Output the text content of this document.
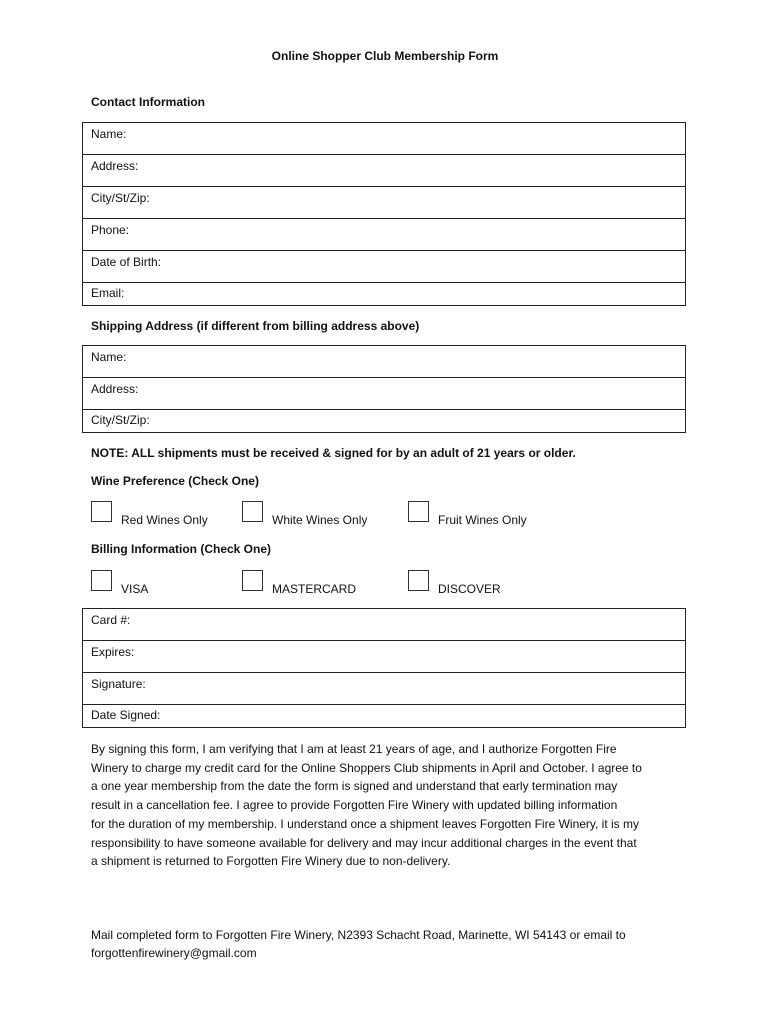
Online Shopper Club Membership Form
Contact Information
Name:
Address:
City/St/Zip:
Phone:
Date of Birth:
Email:
Shipping Address (if different from billing address above)
Name:
Address:
City/St/Zip:
NOTE: ALL shipments must be received & signed for by an adult of 21 years or older.
Wine Preference (Check One)
Red Wines Only	White Wines Only	Fruit Wines Only
Billing Information (Check One)
VISA	MASTERCARD	DISCOVER
Card #:
Expires:
Signature:
Date Signed:
By signing this form, I am verifying that I am at least 21 years of age, and I authorize Forgotten Fire
Winery to charge my credit card for the Online Shoppers Club shipments in April and October. I agree to
a one year membership from the date the form is signed and understand that early termination may
result in a cancellation fee. I agree to provide Forgotten Fire Winery with updated billing information
for the duration of my membership. I understand once a shipment leaves Forgotten Fire Winery, it is my
responsibility to have someone available for delivery and may incur additional charges in the event that
a shipment is returned to Forgotten Fire Winery due to non-delivery.
Mail completed form to Forgotten Fire Winery, N2393 Schacht Road, Marinette, WI 54143 or email to
forgottenfirewinery@gmail.com
